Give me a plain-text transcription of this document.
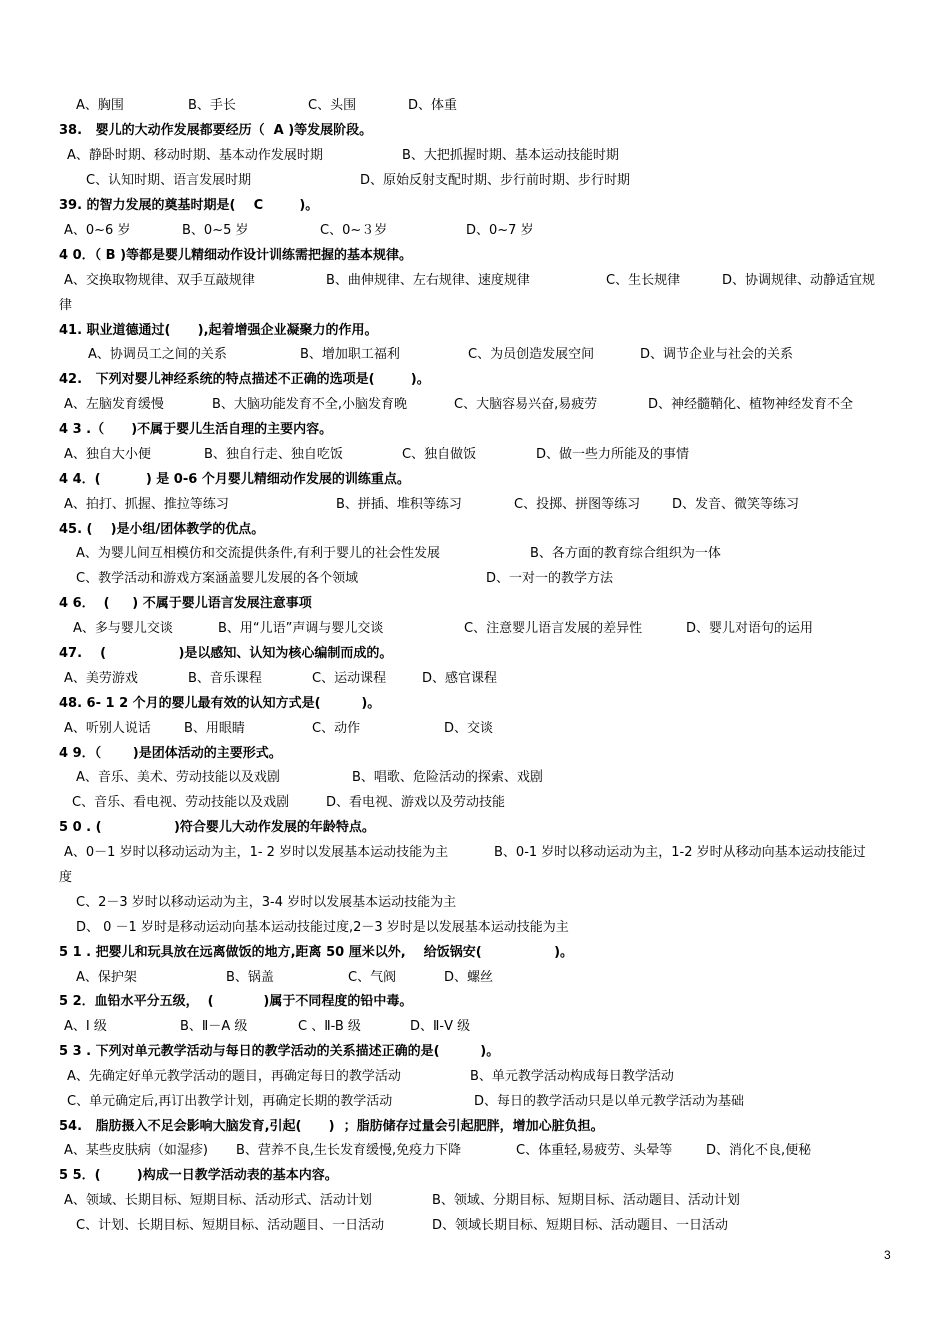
A、胸围	B、手长	C、头围	D、体重
38.   婴儿的大动作发展都要经历（  A )等发展阶段。
A、静卧时期、移动时期、基本动作发展时期	B、大把抓握时期、基本运动技能时期
C、认知时期、语言发展时期	D、原始反射支配时期、步行前时期、步行时期
39. 的智力发展的奠基时期是(    C        )。
A、0~6 岁	B、0~5 岁	C、0~３岁	D、0~7 岁
4 0．（ B )等都是婴儿精细动作设计训练需把握的基本规律。
A、交换取物规律、双手互敲规律	B、曲伸规律、左右规律、速度规律	C、生长规律	D、协调规律、动静适宜规
律
41. 职业道德通过(      ),起着增强企业凝聚力的作用。
A、协调员工之间的关系	B、增加职工福利	C、为员创造发展空间	D、调节企业与社会的关系
42.   下列对婴儿神经系统的特点描述不正确的选项是(        )。
A、左脑发育缓慢	B、大脑功能发育不全,小脑发育晚	C、大脑容易兴奋,易疲劳	D、神经髓鞘化、植物神经发育不全
4 3 .（      )不属于婴儿生活自理的主要内容。
A、独自大小便	B、独自行走、独自吃饭	C、独自做饭	D、做一些力所能及的事情
4 4．(          ) 是 0-6 个月婴儿精细动作发展的训练重点。
A、拍打、抓握、推拉等练习	B、拼插、堆积等练习	C、投掷、拼图等练习 D、发音、微笑等练习
45. (    )是小组/团体教学的优点。
A、为婴儿间互相模仿和交流提供条件,有利于婴儿的社会性发展	B、各方面的教育综合组织为一体
C、教学活动和游戏方案涵盖婴儿发展的各个领域	D、一对一的教学方法
4 6．  (     ) 不属于婴儿语言发展注意事项
A、多与婴儿交谈	B、用“儿语”声调与婴儿交谈	C、注意婴儿语言发展的差异性	D、婴儿对语句的运用
47.    (                )是以感知、认知为核心编制而成的。
A、美劳游戏	B、音乐课程	C、运动课程	D、感官课程
48. 6- 1 2 个月的婴儿最有效的认知方式是(         )。
A、听别人说话	B、用眼睛	C、动作	D、交谈
4 9．（       )是团体活动的主要形式。
A、音乐、美术、劳动技能以及戏剧	B、唱歌、危险活动的探索、戏剧
C、音乐、看电视、劳动技能以及戏剧	D、看电视、游戏以及劳动技能
5 0 . (                )符合婴儿大动作发展的年龄特点。
A、0－1 岁时以移动运动为主，1- 2 岁时以发展基本运动技能为主	B、0-1 岁时以移动运动为主，1-2 岁时从移动向基本运动技能过
度
C、2－3 岁时以移动运动为主，3-4 岁时以发展基本运动技能为主
D、 0 －1 岁时是移动运动向基本运动技能过度,2－3 岁时是以发展基本运动技能为主
5 1 . 把婴儿和玩具放在远离做饭的地方,距离 50 厘米以外,    给饭锅安(                )。
A、保护架	B、锅盖	C、气阀	D、螺丝
5 2．血铅水平分五级，  (           )属于不同程度的铅中毒。
A、I 级	B、Ⅱ－A 级	C 、Ⅱ-B 级	D、Ⅱ-Ⅴ 级
5 3 . 下列对单元教学活动与每日的教学活动的关系描述正确的是(         )。
A、先确定好单元教学活动的题目，再确定每日的教学活动	B、单元教学活动构成每日教学活动
C、单元确定后,再订出教学计划，再确定长期的教学活动	D、每日的教学活动只是以单元教学活动为基础
54.   脂肪摄入不足会影响大脑发育,引起(      )  ；脂肪储存过量会引起肥胖，增加心脏负担。
A、某些皮肤病（如湿疹) B、营养不良,生长发育缓慢,免疫力下降	C、体重轻,易疲劳、头晕等	D、消化不良,便秘
5 5．(        )构成一日教学活动表的基本内容。
A、领域、长期目标、短期目标、活动形式、活动计划	B、领域、分期目标、短期目标、活动题目、活动计划
C、计划、长期目标、短期目标、活动题目、一日活动	D、领域长期目标、短期目标、活动题目、一日活动
3
